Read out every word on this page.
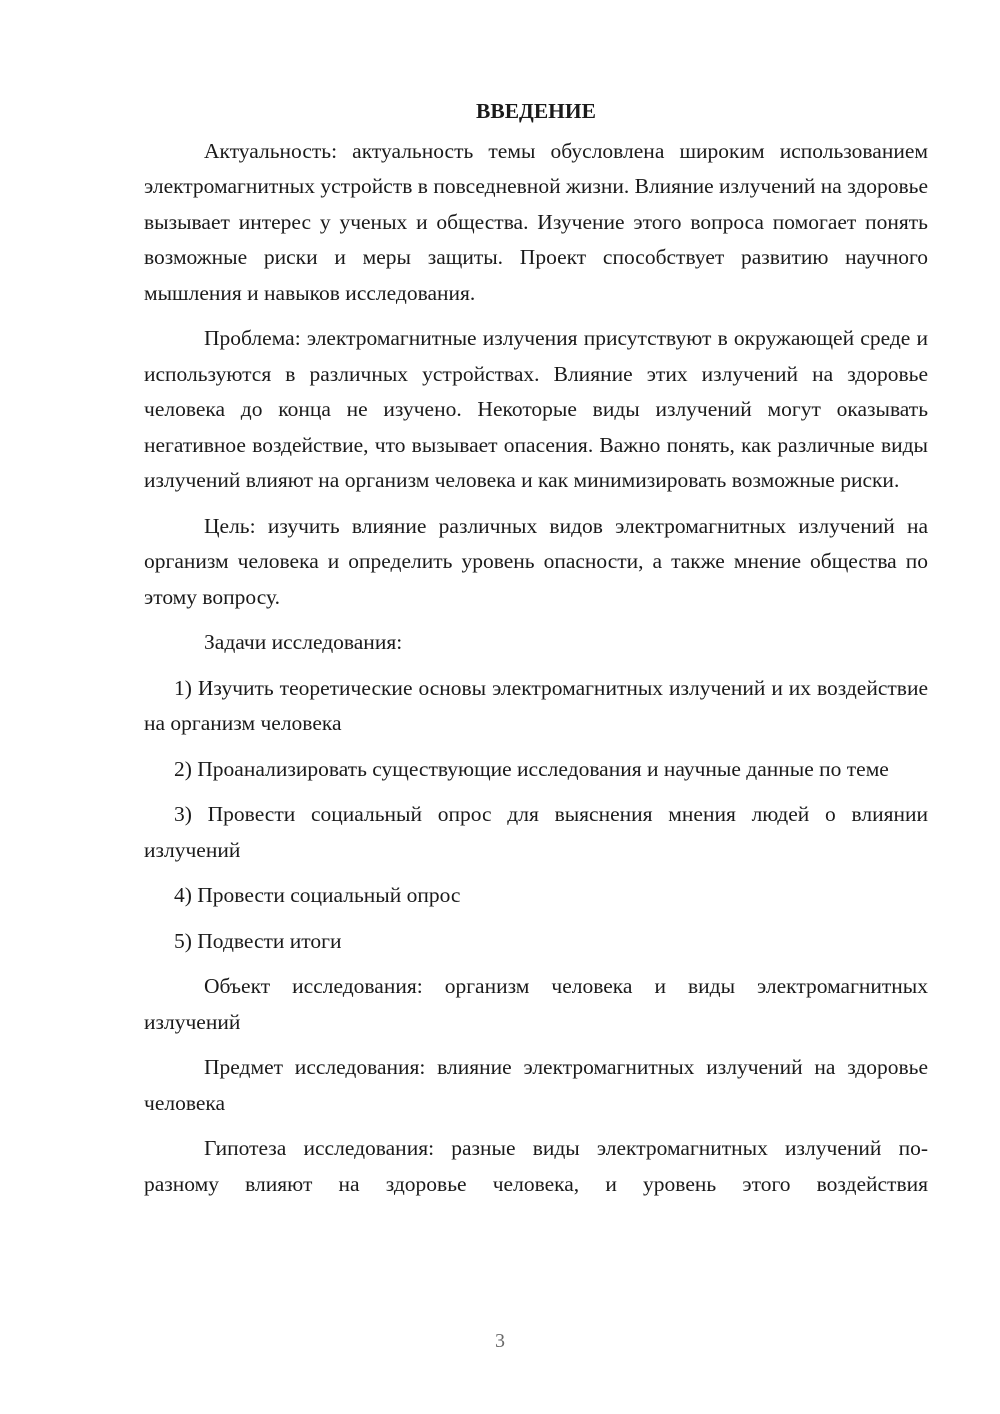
ВВЕДЕНИЕ

Актуальность: актуальность темы обусловлена широким использованием электромагнитных устройств в повседневной жизни. Влияние излучений на здоровье вызывает интерес у ученых и общества. Изучение этого вопроса помогает понять возможные риски и меры защиты. Проект способствует развитию научного мышления и навыков исследования.

Проблема: электромагнитные излучения присутствуют в окружающей среде и используются в различных устройствах. Влияние этих излучений на здоровье человека до конца не изучено. Некоторые виды излучений могут оказывать негативное воздействие, что вызывает опасения. Важно понять, как различные виды излучений влияют на организм человека и как минимизировать возможные риски.

Цель: изучить влияние различных видов электромагнитных излучений на организм человека и определить уровень опасности, а также мнение общества по этому вопросу.

Задачи исследования:

1) Изучить теоретические основы электромагнитных излучений и их воздействие на организм человека

2) Проанализировать существующие исследования и научные данные по теме

3) Провести социальный опрос для выяснения мнения людей о влиянии излучений

4) Провести социальный опрос

5) Подвести итоги

Объект исследования: организм человека и виды электромагнитных излучений

Предмет исследования: влияние электромагнитных излучений на здоровье человека

Гипотеза исследования: разные виды электромагнитных излучений по-разному влияют на здоровье человека, и уровень этого воздействия

3
